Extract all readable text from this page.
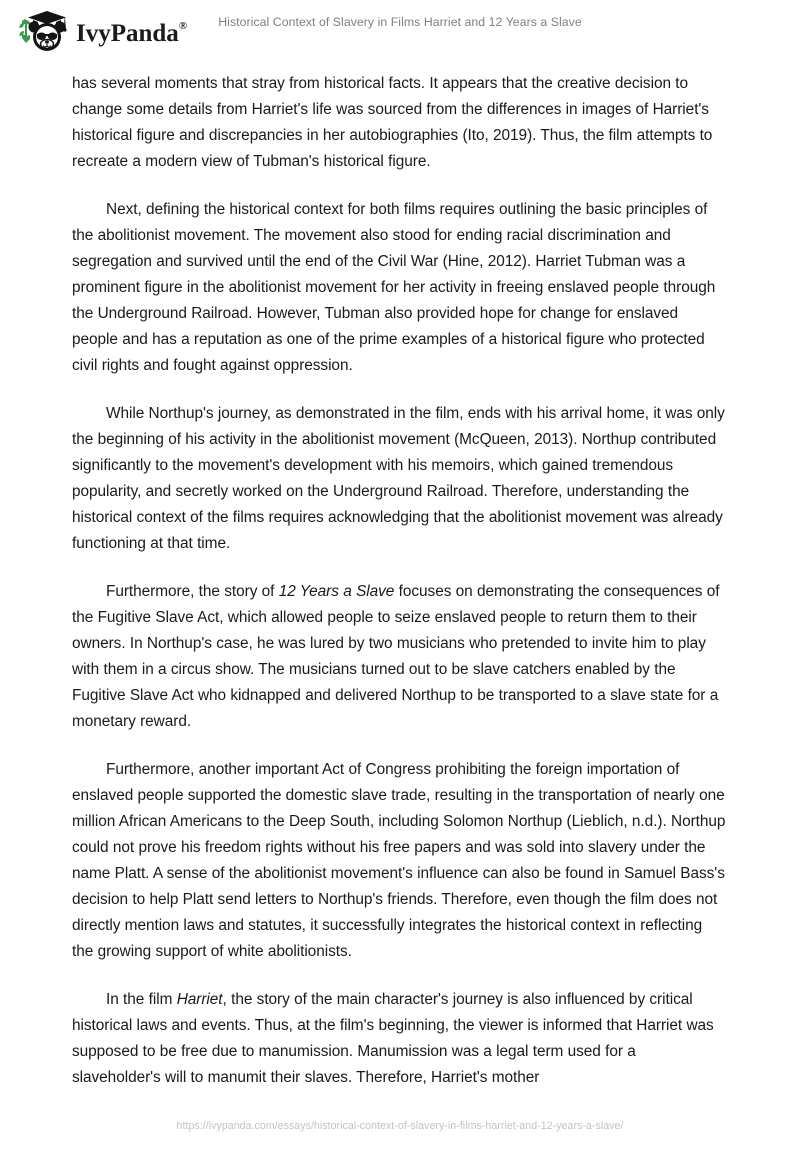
IvyPanda®	Historical Context of Slavery in Films Harriet and 12 Years a Slave

has several moments that stray from historical facts. It appears that the creative decision to change some details from Harriet's life was sourced from the differences in images of Harriet's historical figure and discrepancies in her autobiographies (Ito, 2019). Thus, the film attempts to recreate a modern view of Tubman's historical figure.

Next, defining the historical context for both films requires outlining the basic principles of the abolitionist movement. The movement also stood for ending racial discrimination and segregation and survived until the end of the Civil War (Hine, 2012). Harriet Tubman was a prominent figure in the abolitionist movement for her activity in freeing enslaved people through the Underground Railroad. However, Tubman also provided hope for change for enslaved people and has a reputation as one of the prime examples of a historical figure who protected civil rights and fought against oppression.

While Northup's journey, as demonstrated in the film, ends with his arrival home, it was only the beginning of his activity in the abolitionist movement (McQueen, 2013). Northup contributed significantly to the movement's development with his memoirs, which gained tremendous popularity, and secretly worked on the Underground Railroad. Therefore, understanding the historical context of the films requires acknowledging that the abolitionist movement was already functioning at that time.

Furthermore, the story of 12 Years a Slave focuses on demonstrating the consequences of the Fugitive Slave Act, which allowed people to seize enslaved people to return them to their owners. In Northup's case, he was lured by two musicians who pretended to invite him to play with them in a circus show. The musicians turned out to be slave catchers enabled by the Fugitive Slave Act who kidnapped and delivered Northup to be transported to a slave state for a monetary reward.

Furthermore, another important Act of Congress prohibiting the foreign importation of enslaved people supported the domestic slave trade, resulting in the transportation of nearly one million African Americans to the Deep South, including Solomon Northup (Lieblich, n.d.). Northup could not prove his freedom rights without his free papers and was sold into slavery under the name Platt. A sense of the abolitionist movement's influence can also be found in Samuel Bass's decision to help Platt send letters to Northup's friends. Therefore, even though the film does not directly mention laws and statutes, it successfully integrates the historical context in reflecting the growing support of white abolitionists.

In the film Harriet, the story of the main character's journey is also influenced by critical historical laws and events. Thus, at the film's beginning, the viewer is informed that Harriet was supposed to be free due to manumission. Manumission was a legal term used for a slaveholder's will to manumit their slaves. Therefore, Harriet's mother

https://ivypanda.com/essays/historical-context-of-slavery-in-films-harriet-and-12-years-a-slave/
